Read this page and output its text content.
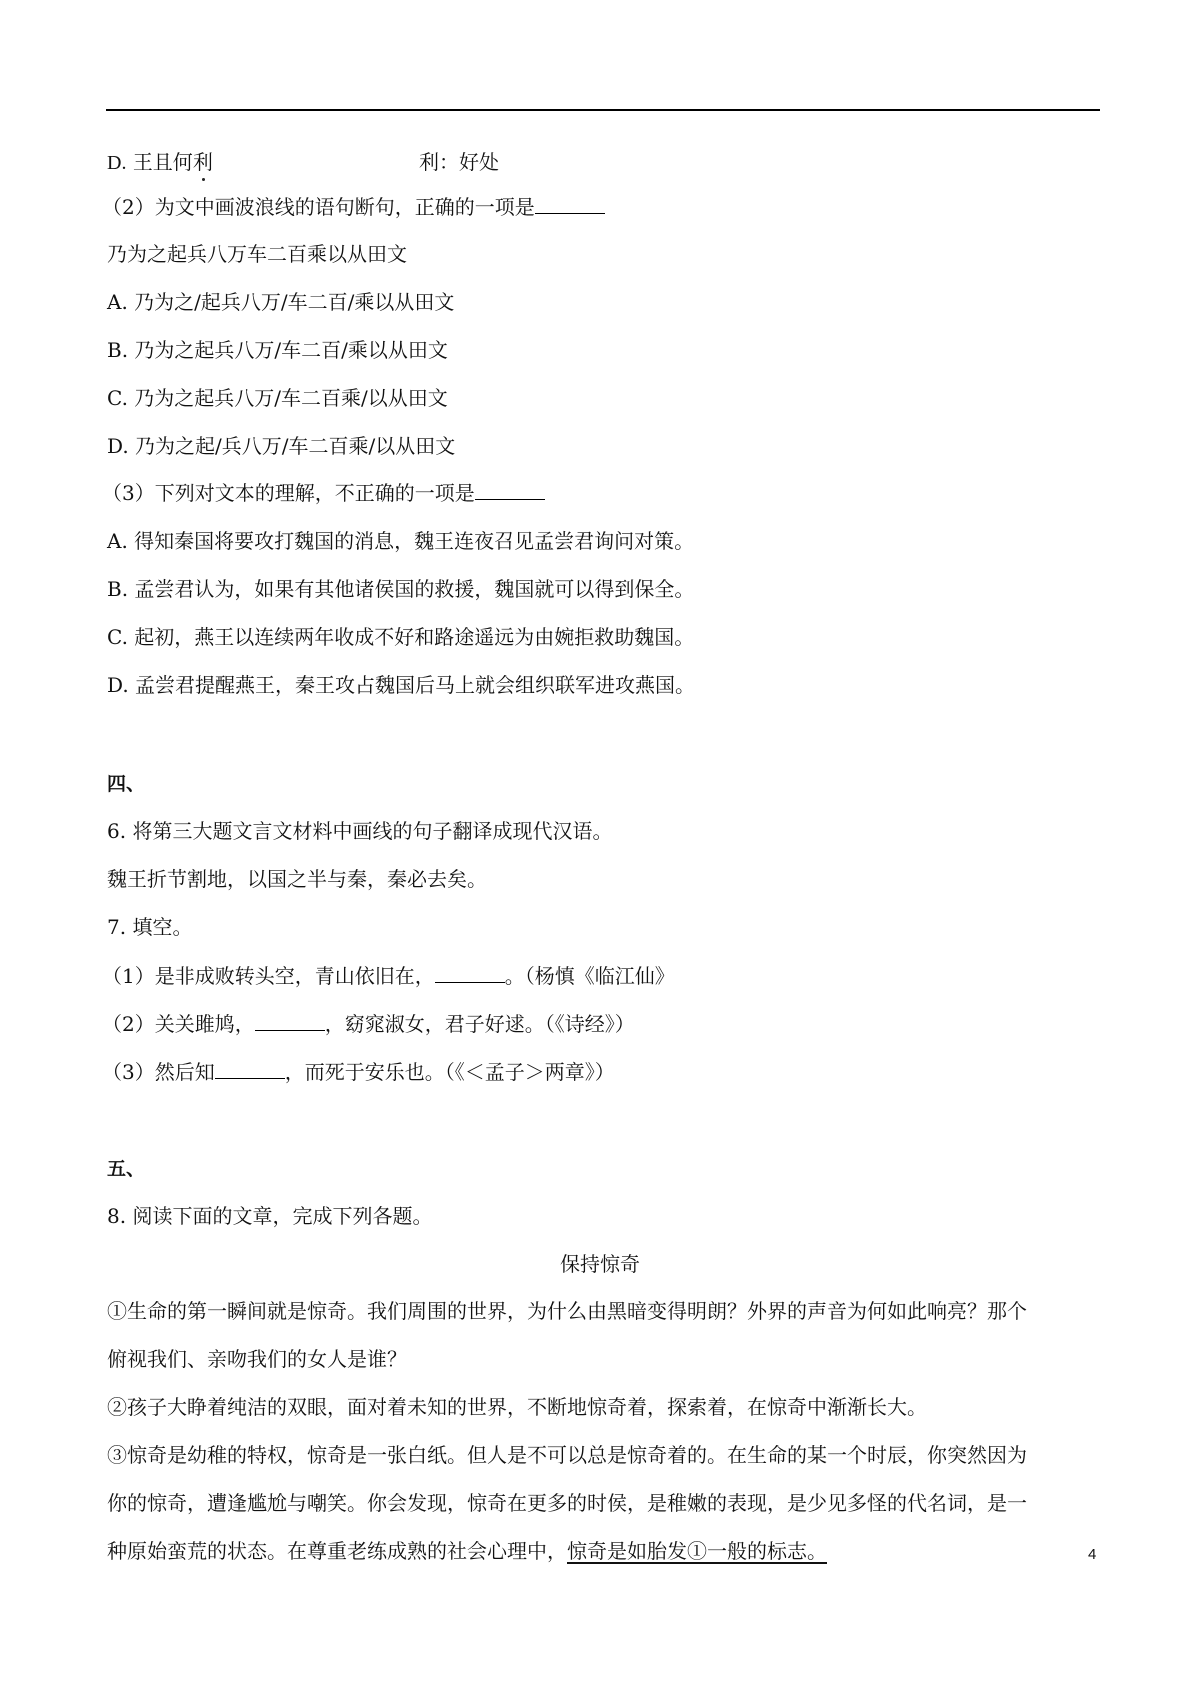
D. 王且何利	利：好处
（2）为文中画波浪线的语句断句，正确的一项是
乃为之起兵八万车二百乘以从田文
A. 乃为之/起兵八万/车二百/乘以从田文
B. 乃为之起兵八万/车二百/乘以从田文
C. 乃为之起兵八万/车二百乘/以从田文
D. 乃为之起/兵八万/车二百乘/以从田文
（3）下列对文本的理解，不正确的一项是
A. 得知秦国将要攻打魏国的消息，魏王连夜召见孟尝君询问对策。
B. 孟尝君认为，如果有其他诸侯国的救援，魏国就可以得到保全。
C. 起初，燕王以连续两年收成不好和路途遥远为由婉拒救助魏国。
D. 孟尝君提醒燕王，秦王攻占魏国后马上就会组织联军进攻燕国。
四、
6. 将第三大题文言文材料中画线的句子翻译成现代汉语。
魏王折节割地，以国之半与秦，秦必去矣。
7. 填空。
（1）是非成败转头空，青山依旧在，	。（杨慎《临江仙》
（2）关关雎鸠，	，窈窕淑女，君子好逑。（《诗经》）
（3）然后知	，而死于安乐也。（《＜孟子＞两章》）
五、
8. 阅读下面的文章，完成下列各题。
保持惊奇
①生命的第一瞬间就是惊奇。我们周围的世界，为什么由黑暗变得明朗？外界的声音为何如此响亮？那个
俯视我们、亲吻我们的女人是谁？
②孩子大睁着纯洁的双眼，面对着未知的世界，不断地惊奇着，探索着，在惊奇中渐渐长大。
③惊奇是幼稚的特权，惊奇是一张白纸。但人是不可以总是惊奇着的。在生命的某一个时辰，你突然因为
你的惊奇，遭逢尴尬与嘲笑。你会发现，惊奇在更多的时侯，是稚嫩的表现，是少见多怪的代名词，是一
种原始蛮荒的状态。在尊重老练成熟的社会心理中，惊奇是如胎发①一般的标志。	4
